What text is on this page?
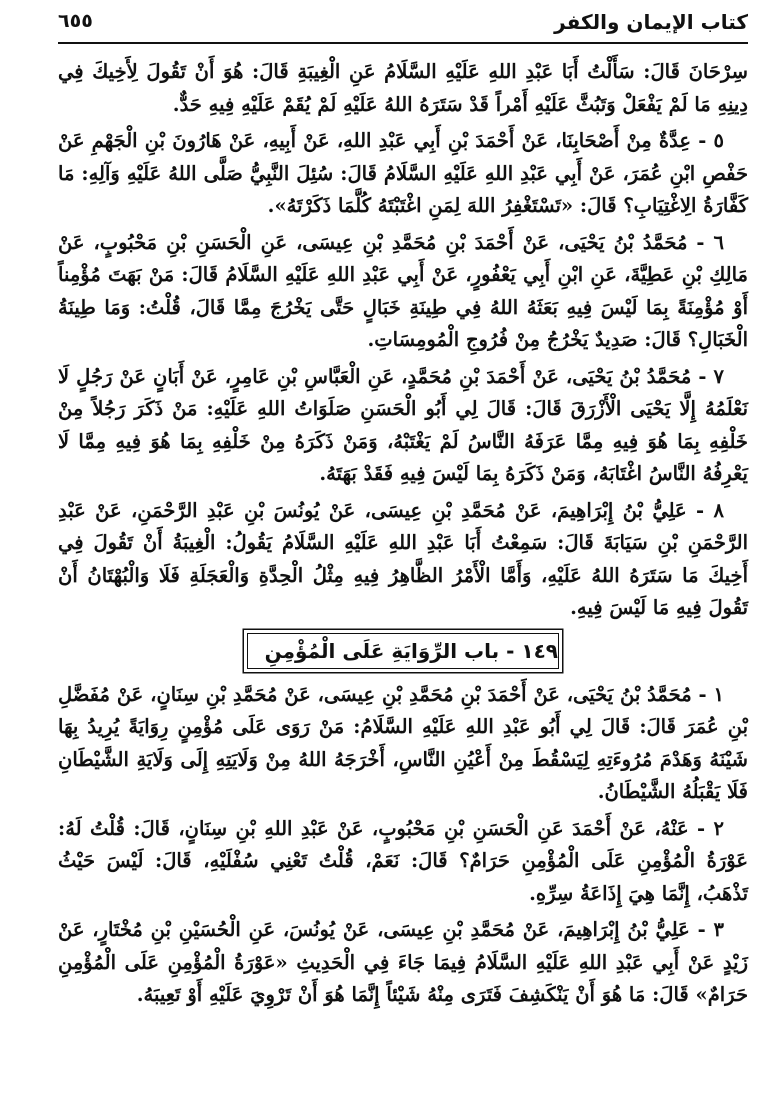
٦٥٥	كتاب الإيمان والكفر

سِرْحَانَ قَالَ: سَأَلْتُ أَبَا عَبْدِ اللهِ عَلَيْهِ السَّلَامُ عَنِ الْغِيبَةِ قَالَ: هُوَ أَنْ تَقُولَ لِأَخِيكَ فِي دِينِهِ مَا لَمْ يَفْعَلْ وَتَبُثَّ عَلَيْهِ أَمْراً قَدْ سَتَرَهُ اللهُ عَلَيْهِ لَمْ يُقَمْ عَلَيْهِ فِيهِ حَدٌّ.

٥ - عِدَّةٌ مِنْ أَصْحَابِنَا، عَنْ أَحْمَدَ بْنِ أَبِي عَبْدِ اللهِ، عَنْ أَبِيهِ، عَنْ هَارُونَ بْنِ الْجَهْمِ عَنْ حَفْصِ ابْنِ عُمَرَ، عَنْ أَبِي عَبْدِ اللهِ عَلَيْهِ السَّلَامُ قَالَ: سُئِلَ النَّبِيُّ صَلَّى اللهُ عَلَيْهِ وَآلِهِ: مَا كَفَّارَةُ الِاغْتِيَابِ؟ قَالَ: «تَسْتَغْفِرُ اللهَ لِمَنِ اغْتَبْتَهُ كُلَّمَا ذَكَرْتَهُ».

٦ - مُحَمَّدُ بْنُ يَحْيَى، عَنْ أَحْمَدَ بْنِ مُحَمَّدِ بْنِ عِيسَى، عَنِ الْحَسَنِ بْنِ مَحْبُوبٍ، عَنْ مَالِكِ بْنِ عَطِيَّةَ، عَنِ ابْنِ أَبِي يَعْفُورٍ، عَنْ أَبِي عَبْدِ اللهِ عَلَيْهِ السَّلَامُ قَالَ: مَنْ بَهَتَ مُؤْمِناً أَوْ مُؤْمِنَةً بِمَا لَيْسَ فِيهِ بَعَثَهُ اللهُ فِي طِينَةِ خَبَالٍ حَتَّى يَخْرُجَ مِمَّا قَالَ، قُلْتُ: وَمَا طِينَةُ الْخَبَالِ؟ قَالَ: صَدِيدٌ يَخْرُجُ مِنْ فُرُوجِ الْمُومِسَاتِ.

٧ - مُحَمَّدُ بْنُ يَحْيَى، عَنْ أَحْمَدَ بْنِ مُحَمَّدٍ، عَنِ الْعَبَّاسِ بْنِ عَامِرٍ، عَنْ أَبَانٍ عَنْ رَجُلٍ لَا نَعْلَمُهُ إِلَّا يَحْيَى الْأَزْرَقَ قَالَ: قَالَ لِي أَبُو الْحَسَنِ صَلَوَاتُ اللهِ عَلَيْهِ: مَنْ ذَكَرَ رَجُلاً مِنْ خَلْفِهِ بِمَا هُوَ فِيهِ مِمَّا عَرَفَهُ النَّاسُ لَمْ يَغْتَبْهُ، وَمَنْ ذَكَرَهُ مِنْ خَلْفِهِ بِمَا هُوَ فِيهِ مِمَّا لَا يَعْرِفُهُ النَّاسُ اغْتَابَهُ، وَمَنْ ذَكَرَهُ بِمَا لَيْسَ فِيهِ فَقَدْ بَهَتَهُ.

٨ - عَلِيُّ بْنُ إِبْرَاهِيمَ، عَنْ مُحَمَّدِ بْنِ عِيسَى، عَنْ يُونُسَ بْنِ عَبْدِ الرَّحْمَنِ، عَنْ عَبْدِ الرَّحْمَنِ بْنِ سَيَابَةَ قَالَ: سَمِعْتُ أَبَا عَبْدِ اللهِ عَلَيْهِ السَّلَامُ يَقُولُ: الْغِيبَةُ أَنْ تَقُولَ فِي أَخِيكَ مَا سَتَرَهُ اللهُ عَلَيْهِ، وَأَمَّا الْأَمْرُ الظَّاهِرُ فِيهِ مِثْلُ الْحِدَّةِ وَالْعَجَلَةِ فَلَا وَالْبُهْتَانُ أَنْ تَقُولَ فِيهِ مَا لَيْسَ فِيهِ.

١٤٩ - باب الرِّوَايَةِ عَلَى الْمُؤْمِنِ

١ - مُحَمَّدُ بْنُ يَحْيَى، عَنْ أَحْمَدَ بْنِ مُحَمَّدِ بْنِ عِيسَى، عَنْ مُحَمَّدِ بْنِ سِنَانٍ، عَنْ مُفَضَّلِ بْنِ عُمَرَ قَالَ: قَالَ لِي أَبُو عَبْدِ اللهِ عَلَيْهِ السَّلَامُ: مَنْ رَوَى عَلَى مُؤْمِنٍ رِوَايَةً يُرِيدُ بِهَا شَيْنَهُ وَهَدْمَ مُرُوءَتِهِ لِيَسْقُطَ مِنْ أَعْيُنِ النَّاسِ، أَخْرَجَهُ اللهُ مِنْ وَلَايَتِهِ إِلَى وَلَايَةِ الشَّيْطَانِ فَلَا يَقْبَلُهُ الشَّيْطَانُ.

٢ - عَنْهُ، عَنْ أَحْمَدَ عَنِ الْحَسَنِ بْنِ مَحْبُوبٍ، عَنْ عَبْدِ اللهِ بْنِ سِنَانٍ، قَالَ: قُلْتُ لَهُ: عَوْرَةُ الْمُؤْمِنِ عَلَى الْمُؤْمِنِ حَرَامٌ؟ قَالَ: نَعَمْ، قُلْتُ تَعْنِي سُفْلَيْهِ، قَالَ: لَيْسَ حَيْثُ تَذْهَبُ، إِنَّمَا هِيَ إِذَاعَةُ سِرِّهِ.

٣ - عَلِيُّ بْنُ إِبْرَاهِيمَ، عَنْ مُحَمَّدِ بْنِ عِيسَى، عَنْ يُونُسَ، عَنِ الْحُسَيْنِ بْنِ مُخْتَارٍ، عَنْ زَيْدٍ عَنْ أَبِي عَبْدِ اللهِ عَلَيْهِ السَّلَامُ فِيمَا جَاءَ فِي الْحَدِيثِ «عَوْرَةُ الْمُؤْمِنِ عَلَى الْمُؤْمِنِ حَرَامٌ» قَالَ: مَا هُوَ أَنْ يَنْكَشِفَ فَتَرَى مِنْهُ شَيْئاً إِنَّمَا هُوَ أَنْ تَرْوِيَ عَلَيْهِ أَوْ تَعِيبَهُ.
